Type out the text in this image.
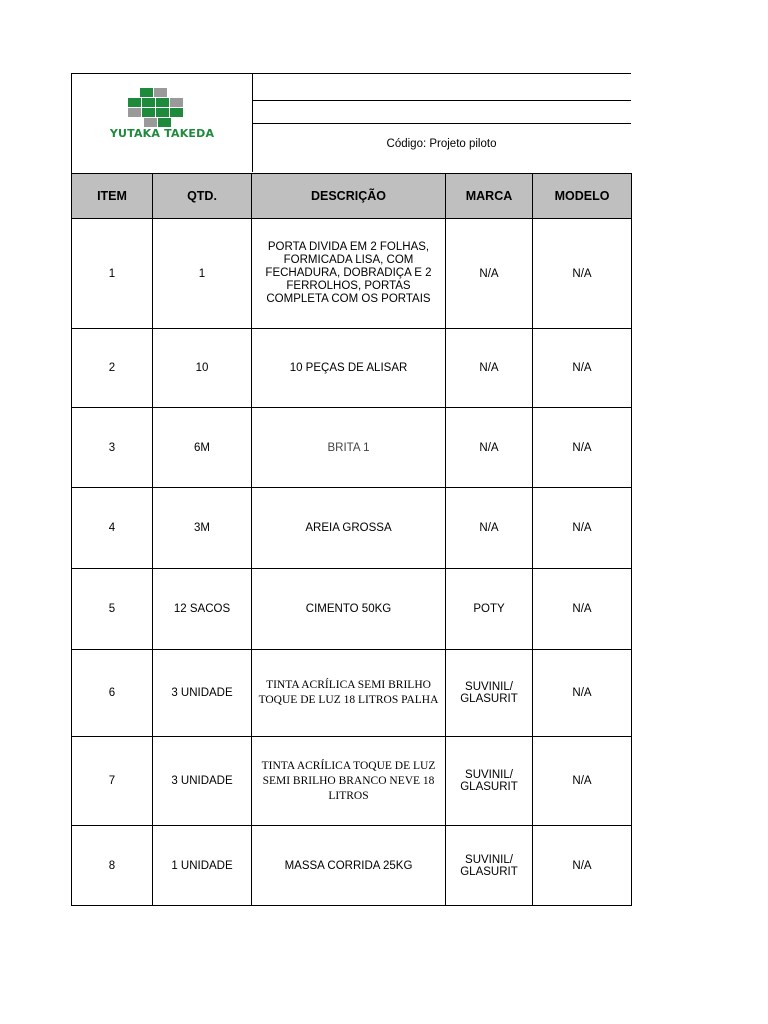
YUTAKA TAKEDA
Código: Projeto piloto
ITEM	QTD.	DESCRIÇÃO	MARCA	MODELO
1	1	PORTA DIVIDA EM 2 FOLHAS, FORMICADA LISA, COM FECHADURA, DOBRADIÇA E 2 FERROLHOS, PORTAS COMPLETA COM OS PORTAIS	N/A	N/A
2	10	10 PEÇAS DE ALISAR	N/A	N/A
3	6M	BRITA 1	N/A	N/A
4	3M	AREIA GROSSA	N/A	N/A
5	12 SACOS	CIMENTO 50KG	POTY	N/A
6	3 UNIDADE	TINTA ACRÍLICA SEMI BRILHO TOQUE DE LUZ 18 LITROS PALHA	SUVINIL/ GLASURIT	N/A
7	3 UNIDADE	TINTA ACRÍLICA TOQUE DE LUZ SEMI BRILHO BRANCO NEVE 18 LITROS	SUVINIL/ GLASURIT	N/A
8	1 UNIDADE	MASSA CORRIDA 25KG	SUVINIL/ GLASURIT	N/A
